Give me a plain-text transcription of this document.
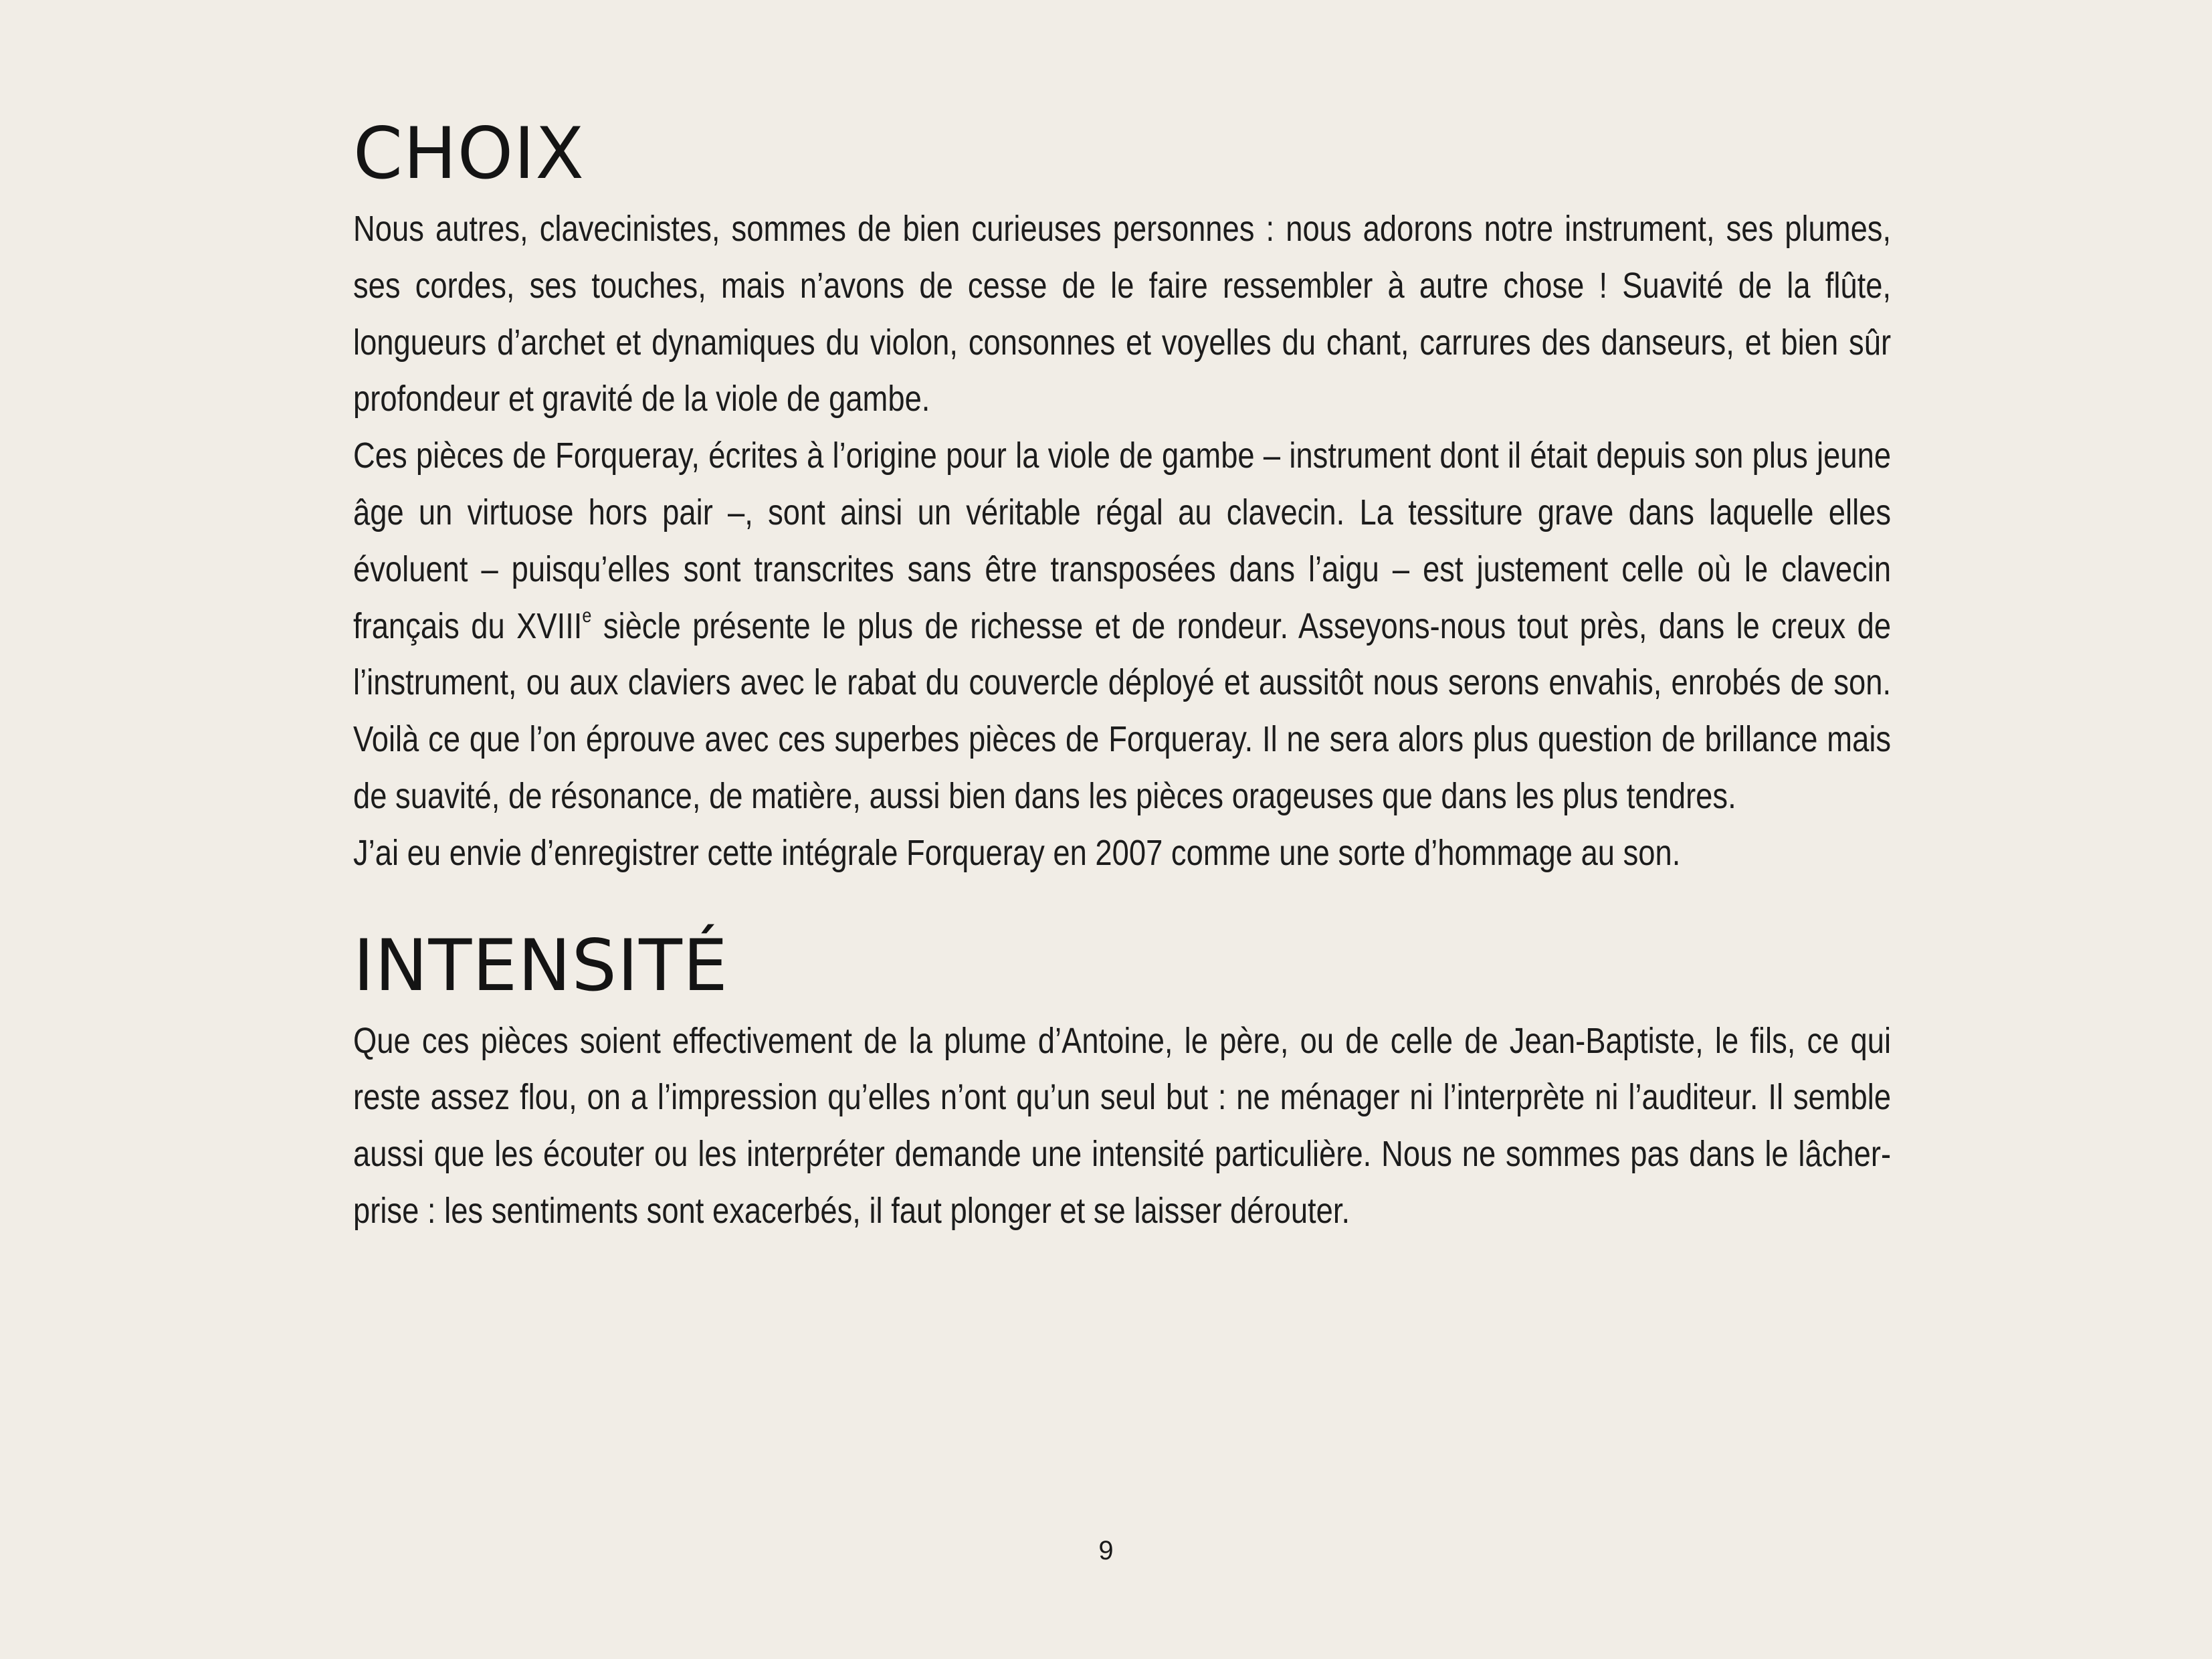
CHOIX

Nous autres, clavecinistes, sommes de bien curieuses personnes : nous adorons notre instrument, ses plumes, ses cordes, ses touches, mais n’avons de cesse de le faire ressembler à autre chose ! Suavité de la flûte, longueurs d’archet et dynamiques du violon, consonnes et voyelles du chant, carrures des danseurs, et bien sûr profondeur et gravité de la viole de gambe.

Ces pièces de Forqueray, écrites à l’origine pour la viole de gambe – instrument dont il était depuis son plus jeune âge un virtuose hors pair –, sont ainsi un véritable régal au clavecin. La tessiture grave dans laquelle elles évoluent – puisqu’elles sont transcrites sans être transposées dans l’aigu – est justement celle où le clavecin français du XVIIIe siècle présente le plus de richesse et de rondeur. Asseyons-nous tout près, dans le creux de l’instrument, ou aux claviers avec le rabat du couvercle déployé et aussitôt nous serons envahis, enrobés de son. Voilà ce que l’on éprouve avec ces superbes pièces de Forqueray. Il ne sera alors plus question de brillance mais de suavité, de résonance, de matière, aussi bien dans les pièces orageuses que dans les plus tendres.

J’ai eu envie d’enregistrer cette intégrale Forqueray en 2007 comme une sorte d’hommage au son.

INTENSITÉ

Que ces pièces soient effectivement de la plume d’Antoine, le père, ou de celle de Jean-Baptiste, le fils, ce qui reste assez flou, on a l’impression qu’elles n’ont qu’un seul but : ne ménager ni l’interprète ni l’auditeur. Il semble aussi que les écouter ou les interpréter demande une intensité particulière. Nous ne sommes pas dans le lâcher-prise : les sentiments sont exacerbés, il faut plonger et se laisser dérouter.

9
